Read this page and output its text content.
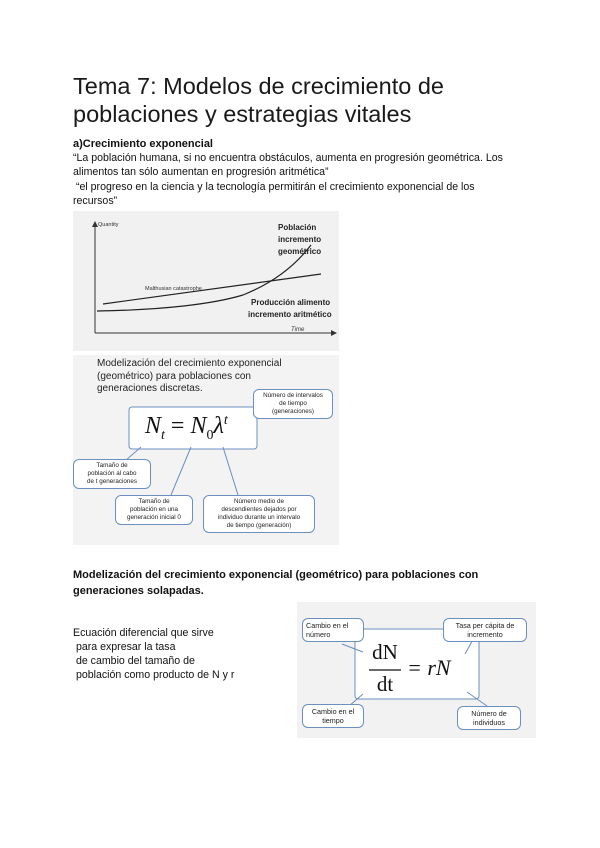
Tema 7: Modelos de crecimiento de poblaciones y estrategias vitales
a)Crecimiento exponencial
“La población humana, si no encuentra obstáculos, aumenta en progresión geométrica. Los
alimentos tan sólo aumentan en progresión aritmética”
“el progreso en la ciencia y la tecnología permitirán el crecimiento exponencial de los
recursos”
Quantity
Time
Malthusian catastrophe
Población
incremento
geométrico
Producción alimento
incremento aritmético
Modelización del crecimiento exponencial
(geométrico) para poblaciones con
generaciones discretas.
$N_t = N_0\lambda^t$
Número de intervalos
de tiempo
(generaciones)
Tamaño de
población al cabo
de t generaciones
Tamaño de
población en una
generación inicial 0
Número medio de
descendientes dejados por
individuo durante un intervalo
de tiempo (generación)
Modelización del crecimiento exponencial (geométrico) para poblaciones con
generaciones solapadas.
Ecuación diferencial que sirve
para expresar la tasa
de cambio del tamaño de
población como producto de N y r
dN
dt
= rN
Cambio en el
número
Tasa per cápita de
incremento
Cambio en el
tiempo
Número de
individuos
